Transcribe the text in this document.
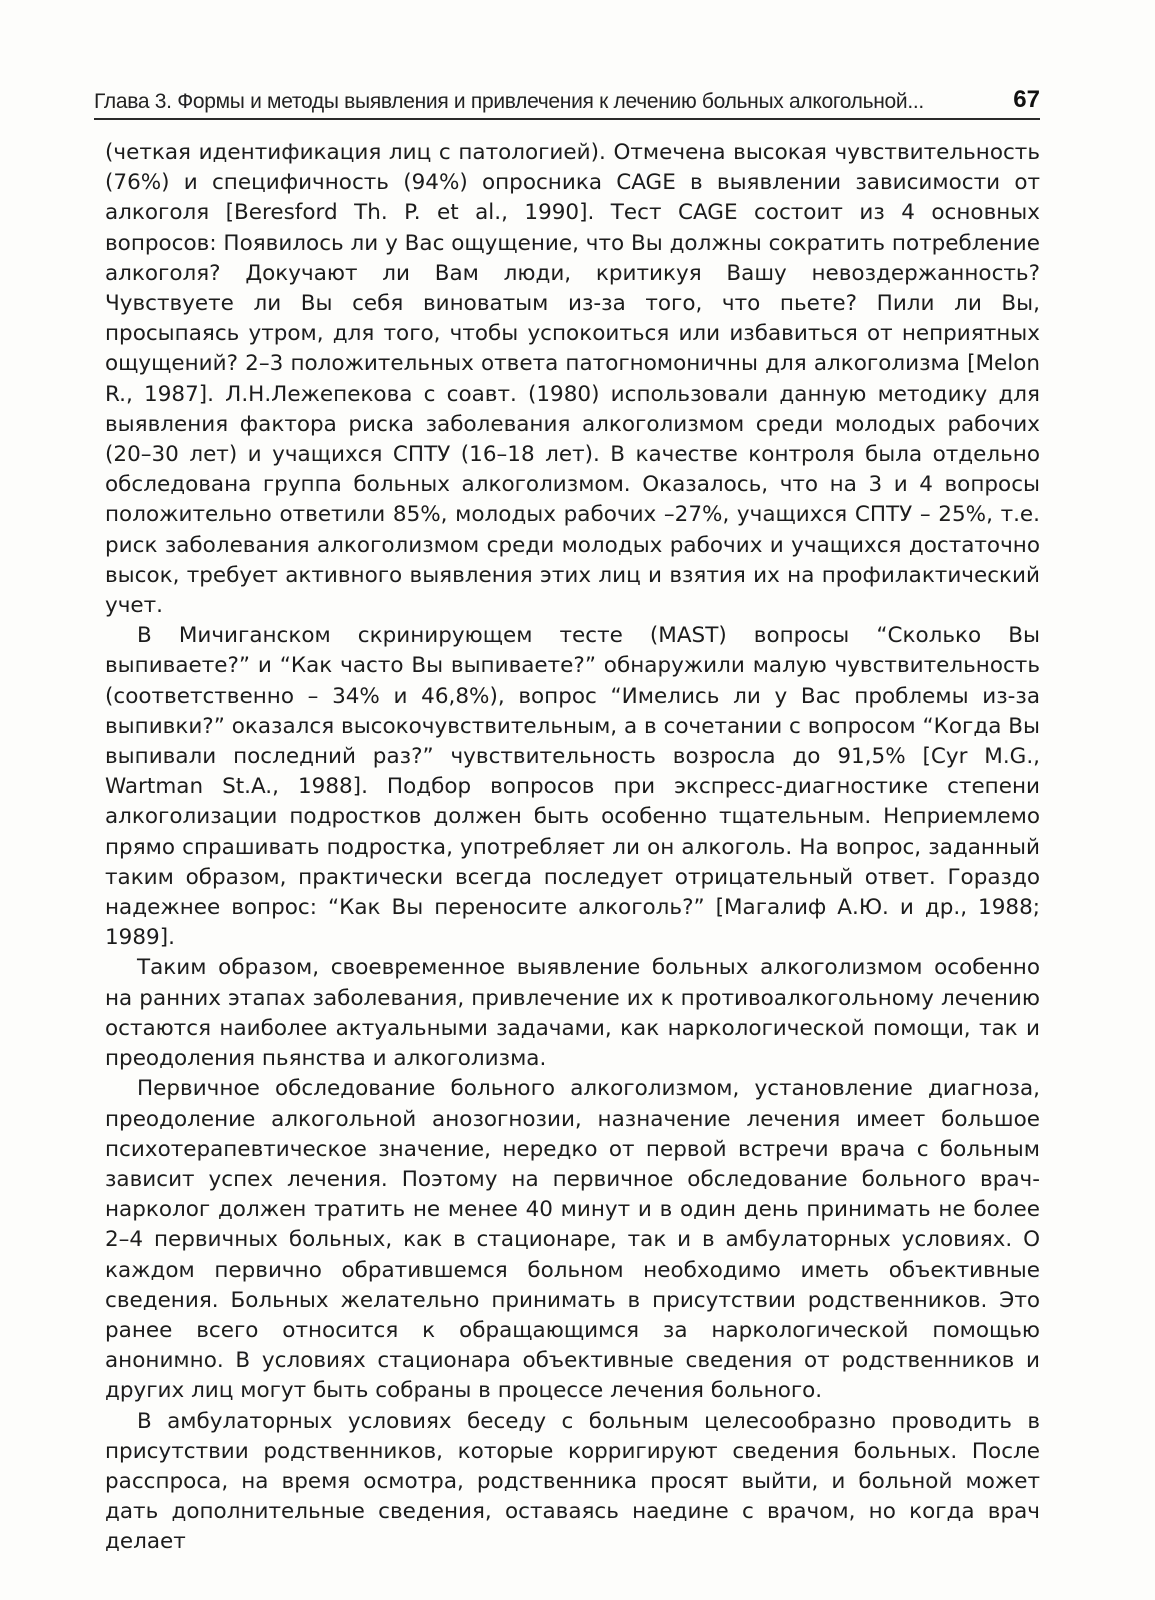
Глава 3. Формы и методы выявления и привлечения к лечению больных алкогольной...	67

(четкая идентификация лиц с патологией). Отмечена высокая чувствительность (76%) и специфичность (94%) опросника CAGE в выявлении зависимости от алкоголя [Beresford Th. P. et al., 1990]. Тест CAGE состоит из 4 основных вопросов: Появилось ли у Вас ощущение, что Вы должны сократить потребление алкоголя? Докучают ли Вам люди, критикуя Вашу невоздержанность? Чувствуете ли Вы себя виноватым из-за того, что пьете? Пили ли Вы, просыпаясь утром, для того, чтобы успокоиться или избавиться от неприятных ощущений? 2–3 положительных ответа патогномоничны для алкоголизма [Melon R., 1987]. Л.Н.Лежепекова с соавт. (1980) использовали данную методику для выявления фактора риска заболевания алкоголизмом среди молодых рабочих (20–30 лет) и учащихся СПТУ (16–18 лет). В качестве контроля была отдельно обследована группа больных алкоголизмом. Оказалось, что на 3 и 4 вопросы положительно ответили 85%, молодых рабочих –27%, учащихся СПТУ – 25%, т.е. риск заболевания алкоголизмом среди молодых рабочих и учащихся достаточно высок, требует активного выявления этих лиц и взятия их на профилактический учет.

В Мичиганском скринирующем тесте (MAST) вопросы “Сколько Вы выпиваете?” и “Как часто Вы выпиваете?” обнаружили малую чувствительность (соответственно – 34% и 46,8%), вопрос “Имелись ли у Вас проблемы из-за выпивки?” оказался высокочувствительным, а в сочетании с вопросом “Когда Вы выпивали последний раз?” чувствительность возросла до 91,5% [Cyr M.G., Wartman St.A., 1988]. Подбор вопросов при экспресс-диагностике степени алкоголизации подростков должен быть особенно тщательным. Неприемлемо прямо спрашивать подростка, употребляет ли он алкоголь. На вопрос, заданный таким образом, практически всегда последует отрицательный ответ. Гораздо надежнее вопрос: “Как Вы переносите алкоголь?” [Магалиф А.Ю. и др., 1988; 1989].

Таким образом, своевременное выявление больных алкоголизмом особенно на ранних этапах заболевания, привлечение их к противоалкогольному лечению остаются наиболее актуальными задачами, как наркологической помощи, так и преодоления пьянства и алкоголизма.

Первичное обследование больного алкоголизмом, установление диагноза, преодоление алкогольной анозогнозии, назначение лечения имеет большое психотерапевтическое значение, нередко от первой встречи врача с больным зависит успех лечения. Поэтому на первичное обследование больного врач-нарколог должен тратить не менее 40 минут и в один день принимать не более 2–4 первичных больных, как в стационаре, так и в амбулаторных условиях. О каждом первично обратившемся больном необходимо иметь объективные сведения. Больных желательно принимать в присутствии родственников. Это ранее всего относится к обращающимся за наркологической помощью анонимно. В условиях стационара объективные сведения от родственников и других лиц могут быть собраны в процессе лечения больного.

В амбулаторных условиях беседу с больным целесообразно проводить в присутствии родственников, которые корригируют сведения больных. После расспроса, на время осмотра, родственника просят выйти, и больной может дать дополнительные сведения, оставаясь наедине с врачом, но когда врач делает
